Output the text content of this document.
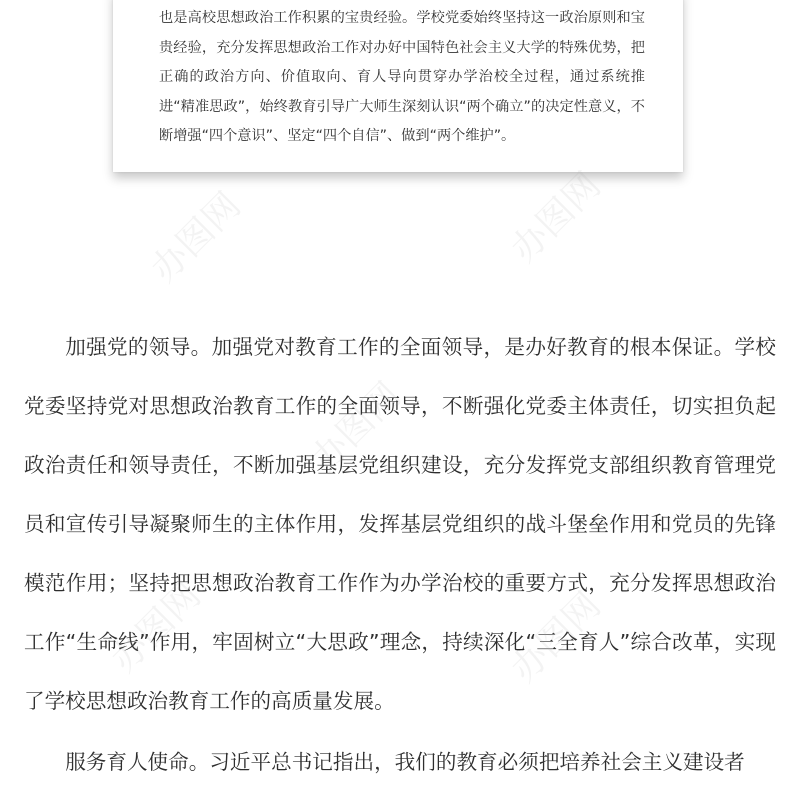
也是高校思想政治工作积累的宝贵经验。学校党委始终坚持这一政治原则和宝贵经验，充分发挥思想政治工作对办好中国特色社会主义大学的特殊优势，把正确的政治方向、价值取向、育人导向贯穿办学治校全过程，通过系统推进“精准思政”，始终教育引导广大师生深刻认识“两个确立”的决定性意义，不断增强“四个意识”、坚定“四个自信”、做到“两个维护”。

加强党的领导。加强党对教育工作的全面领导，是办好教育的根本保证。学校党委坚持党对思想政治教育工作的全面领导，不断强化党委主体责任，切实担负起政治责任和领导责任，不断加强基层党组织建设，充分发挥党支部组织教育管理党员和宣传引导凝聚师生的主体作用，发挥基层党组织的战斗堡垒作用和党员的先锋模范作用；坚持把思想政治教育工作作为办学治校的重要方式，充分发挥思想政治工作“生命线”作用，牢固树立“大思政”理念，持续深化“三全育人”综合改革，实现了学校思想政治教育工作的高质量发展。

服务育人使命。习近平总书记指出，我们的教育必须把培养社会主义建设者

办图网	办图网
办图网
办图网	办图网
